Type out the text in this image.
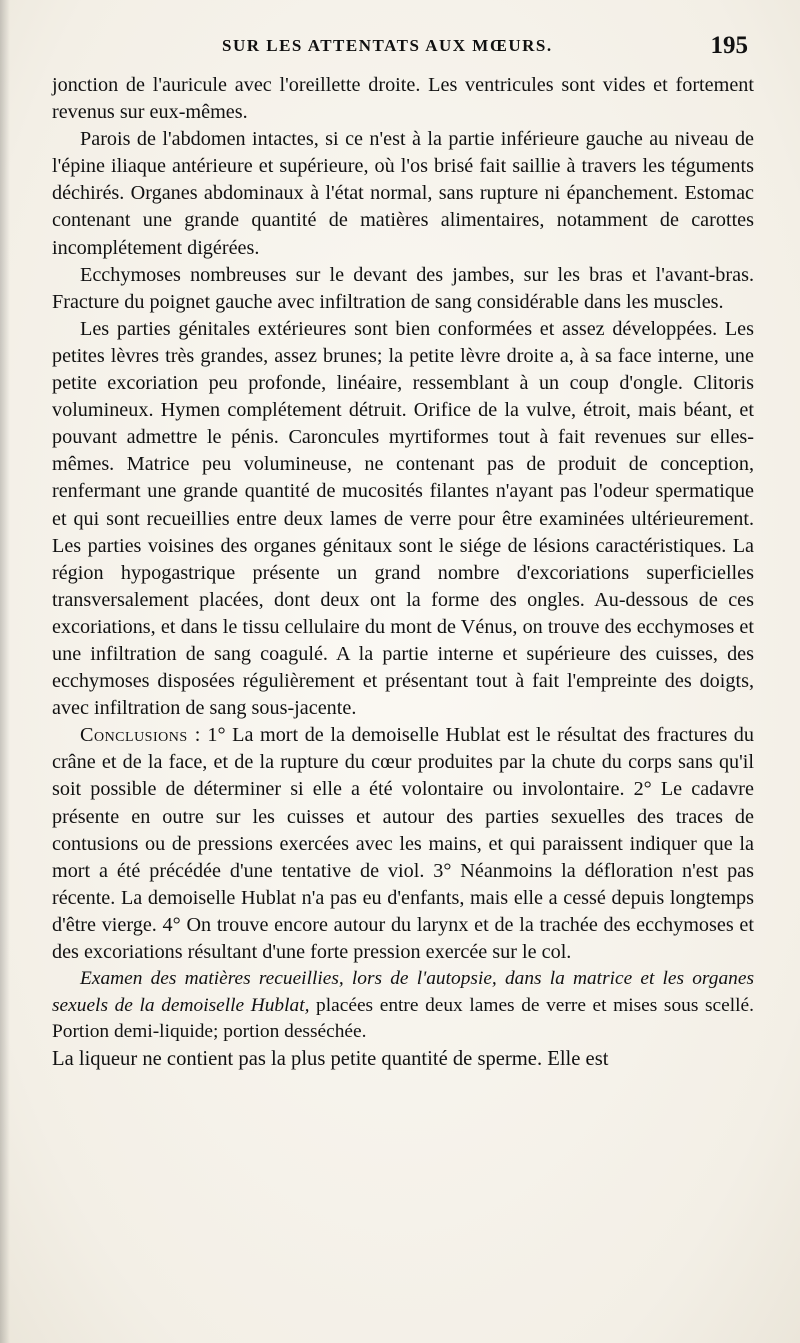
SUR LES ATTENTATS AUX MŒURS.	195

jonction de l'auricule avec l'oreillette droite. Les ventricules sont vides et fortement revenus sur eux-mêmes.

Parois de l'abdomen intactes, si ce n'est à la partie inférieure gauche au niveau de l'épine iliaque antérieure et supérieure, où l'os brisé fait saillie à travers les téguments déchirés. Organes abdominaux à l'état normal, sans rupture ni épanchement. Estomac contenant une grande quantité de matières alimentaires, notamment de carottes incomplétement digérées.

Ecchymoses nombreuses sur le devant des jambes, sur les bras et l'avant-bras. Fracture du poignet gauche avec infiltration de sang considérable dans les muscles.

Les parties génitales extérieures sont bien conformées et assez développées. Les petites lèvres très grandes, assez brunes; la petite lèvre droite a, à sa face interne, une petite excoriation peu profonde, linéaire, ressemblant à un coup d'ongle. Clitoris volumineux. Hymen complétement détruit. Orifice de la vulve, étroit, mais béant, et pouvant admettre le pénis. Caroncules myrtiformes tout à fait revenues sur elles-mêmes. Matrice peu volumineuse, ne contenant pas de produit de conception, renfermant une grande quantité de mucosités filantes n'ayant pas l'odeur spermatique et qui sont recueillies entre deux lames de verre pour être examinées ultérieurement. Les parties voisines des organes génitaux sont le siége de lésions caractéristiques. La région hypogastrique présente un grand nombre d'excoriations superficielles transversalement placées, dont deux ont la forme des ongles. Au-dessous de ces excoriations, et dans le tissu cellulaire du mont de Vénus, on trouve des ecchymoses et une infiltration de sang coagulé. A la partie interne et supérieure des cuisses, des ecchymoses disposées régulièrement et présentant tout à fait l'empreinte des doigts, avec infiltration de sang sous-jacente.

Conclusions : 1° La mort de la demoiselle Hublat est le résultat des fractures du crâne et de la face, et de la rupture du cœur produites par la chute du corps sans qu'il soit possible de déterminer si elle a été volontaire ou involontaire. 2° Le cadavre présente en outre sur les cuisses et autour des parties sexuelles des traces de contusions ou de pressions exercées avec les mains, et qui paraissent indiquer que la mort a été précédée d'une tentative de viol. 3° Néanmoins la défloration n'est pas récente. La demoiselle Hublat n'a pas eu d'enfants, mais elle a cessé depuis longtemps d'être vierge. 4° On trouve encore autour du larynx et de la trachée des ecchymoses et des excoriations résultant d'une forte pression exercée sur le col.

Examen des matières recueillies, lors de l'autopsie, dans la matrice et les organes sexuels de la demoiselle Hublat, placées entre deux lames de verre et mises sous scellé. Portion demi-liquide; portion desséchée.

La liqueur ne contient pas la plus petite quantité de sperme. Elle est
